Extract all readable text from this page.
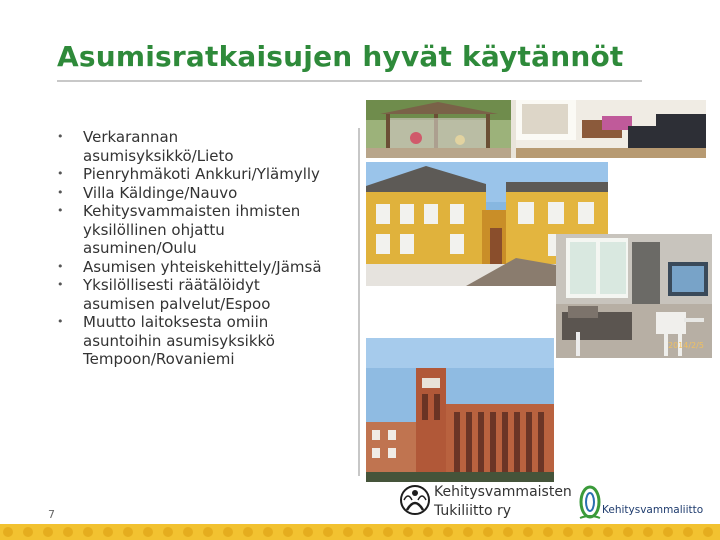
Asumisratkaisujen hyvät käytännöt
• Verkarannan
asumisyksikkö/Lieto
• Pienryhmäkoti Ankkuri/Ylämylly
• Villa Käldinge/Nauvo
• Kehitysvammaisten ihmisten
yksilöllinen ohjattu
asuminen/Oulu
• Asumisen yhteiskehittely/Jämsä
• Yksilöllisesti räätälöidyt
asumisen palvelut/Espoo
• Muutto laitoksesta omiin
asuntoihin asumisyksikkö
Tempoon/Rovaniemi
2014/2/5
7
Kehitysvammaisten
Tukiliitto ry	Kehitysvammaliitto
